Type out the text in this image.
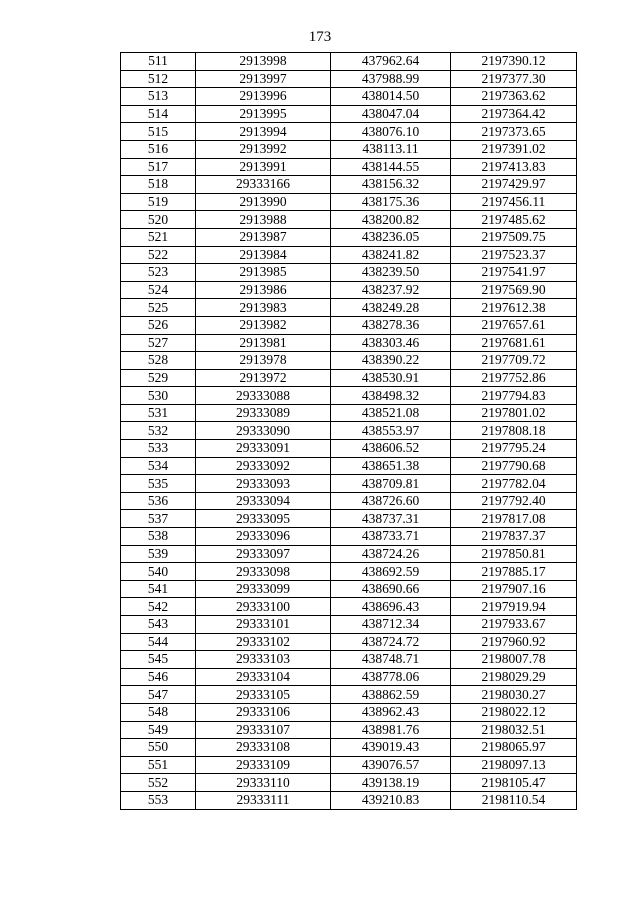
173
511	2913998	437962.64	2197390.12
512	2913997	437988.99	2197377.30
513	2913996	438014.50	2197363.62
514	2913995	438047.04	2197364.42
515	2913994	438076.10	2197373.65
516	2913992	438113.11	2197391.02
517	2913991	438144.55	2197413.83
518	29333166	438156.32	2197429.97
519	2913990	438175.36	2197456.11
520	2913988	438200.82	2197485.62
521	2913987	438236.05	2197509.75
522	2913984	438241.82	2197523.37
523	2913985	438239.50	2197541.97
524	2913986	438237.92	2197569.90
525	2913983	438249.28	2197612.38
526	2913982	438278.36	2197657.61
527	2913981	438303.46	2197681.61
528	2913978	438390.22	2197709.72
529	2913972	438530.91	2197752.86
530	29333088	438498.32	2197794.83
531	29333089	438521.08	2197801.02
532	29333090	438553.97	2197808.18
533	29333091	438606.52	2197795.24
534	29333092	438651.38	2197790.68
535	29333093	438709.81	2197782.04
536	29333094	438726.60	2197792.40
537	29333095	438737.31	2197817.08
538	29333096	438733.71	2197837.37
539	29333097	438724.26	2197850.81
540	29333098	438692.59	2197885.17
541	29333099	438690.66	2197907.16
542	29333100	438696.43	2197919.94
543	29333101	438712.34	2197933.67
544	29333102	438724.72	2197960.92
545	29333103	438748.71	2198007.78
546	29333104	438778.06	2198029.29
547	29333105	438862.59	2198030.27
548	29333106	438962.43	2198022.12
549	29333107	438981.76	2198032.51
550	29333108	439019.43	2198065.97
551	29333109	439076.57	2198097.13
552	29333110	439138.19	2198105.47
553	29333111	439210.83	2198110.54
